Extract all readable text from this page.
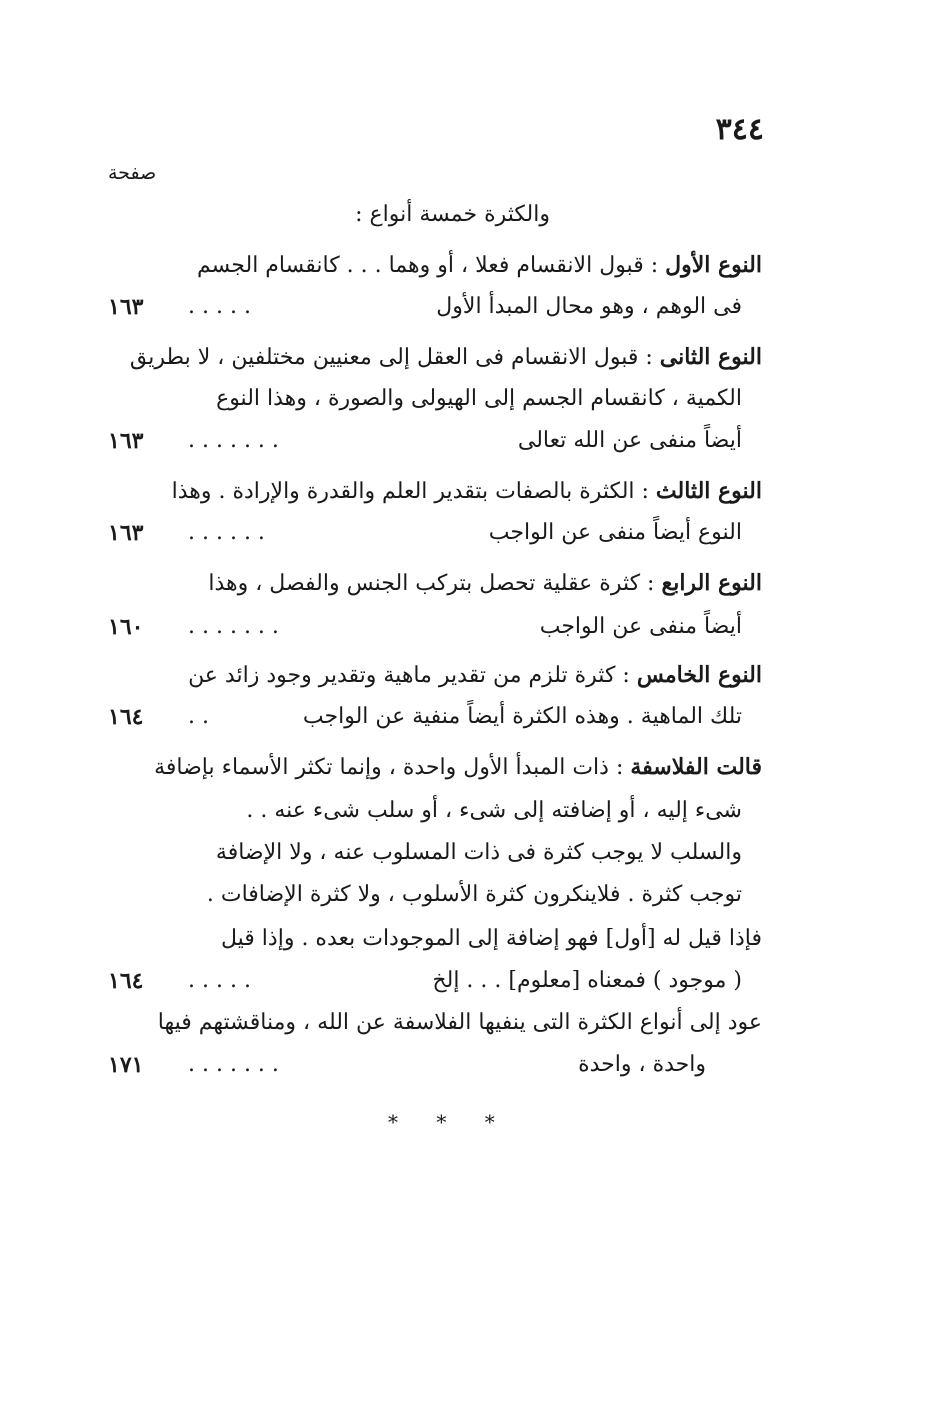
٣٤٤
صفحة
والكثرة خمسة أنواع :
النوع الأول : قبول الانقسام فعلا ، أو وهما . . . كانقسام الجسم
فى الوهم ، وهو محال المبدأ الأول
. . . . .
١٦٣
النوع الثانى : قبول الانقسام فى العقل إلى معنيين مختلفين ، لا بطريق
الكمية ، كانقسام الجسم إلى الهيولى والصورة ، وهذا النوع
أيضاً منفى عن الله تعالى
. . . . . . .
١٦٣
النوع الثالث : الكثرة بالصفات بتقدير العلم والقدرة والإرادة . وهذا
النوع أيضاً منفى عن الواجب
. . . . . .
١٦٣
النوع الرابع : كثرة عقلية تحصل بتركب الجنس والفصل ، وهذا
أيضاً منفى عن الواجب
. . . . . . .
١٦٠
النوع الخامس : كثرة تلزم من تقدير ماهية وتقدير وجود زائد عن
تلك الماهية . وهذه الكثرة أيضاً منفية عن الواجب
. .
١٦٤
قالت الفلاسفة : ذات المبدأ الأول واحدة ، وإنما تكثر الأسماء بإضافة
شىء إليه ، أو إضافته إلى شىء ، أو سلب شىء عنه . .
والسلب لا يوجب كثرة فى ذات المسلوب عنه ، ولا الإضافة
توجب كثرة . فلاينكرون كثرة الأسلوب ، ولا كثرة الإضافات .
فإذا قيل له [أول] فهو إضافة إلى الموجودات بعده . وإذا قيل
( موجود ) فمعناه [معلوم] . . . إلخ
. . . . .
١٦٤
عود إلى أنواع الكثرة التى ينفيها الفلاسفة عن الله ، ومناقشتهم فيها
واحدة ، واحدة
. . . . . . .
١٧١
* * *
